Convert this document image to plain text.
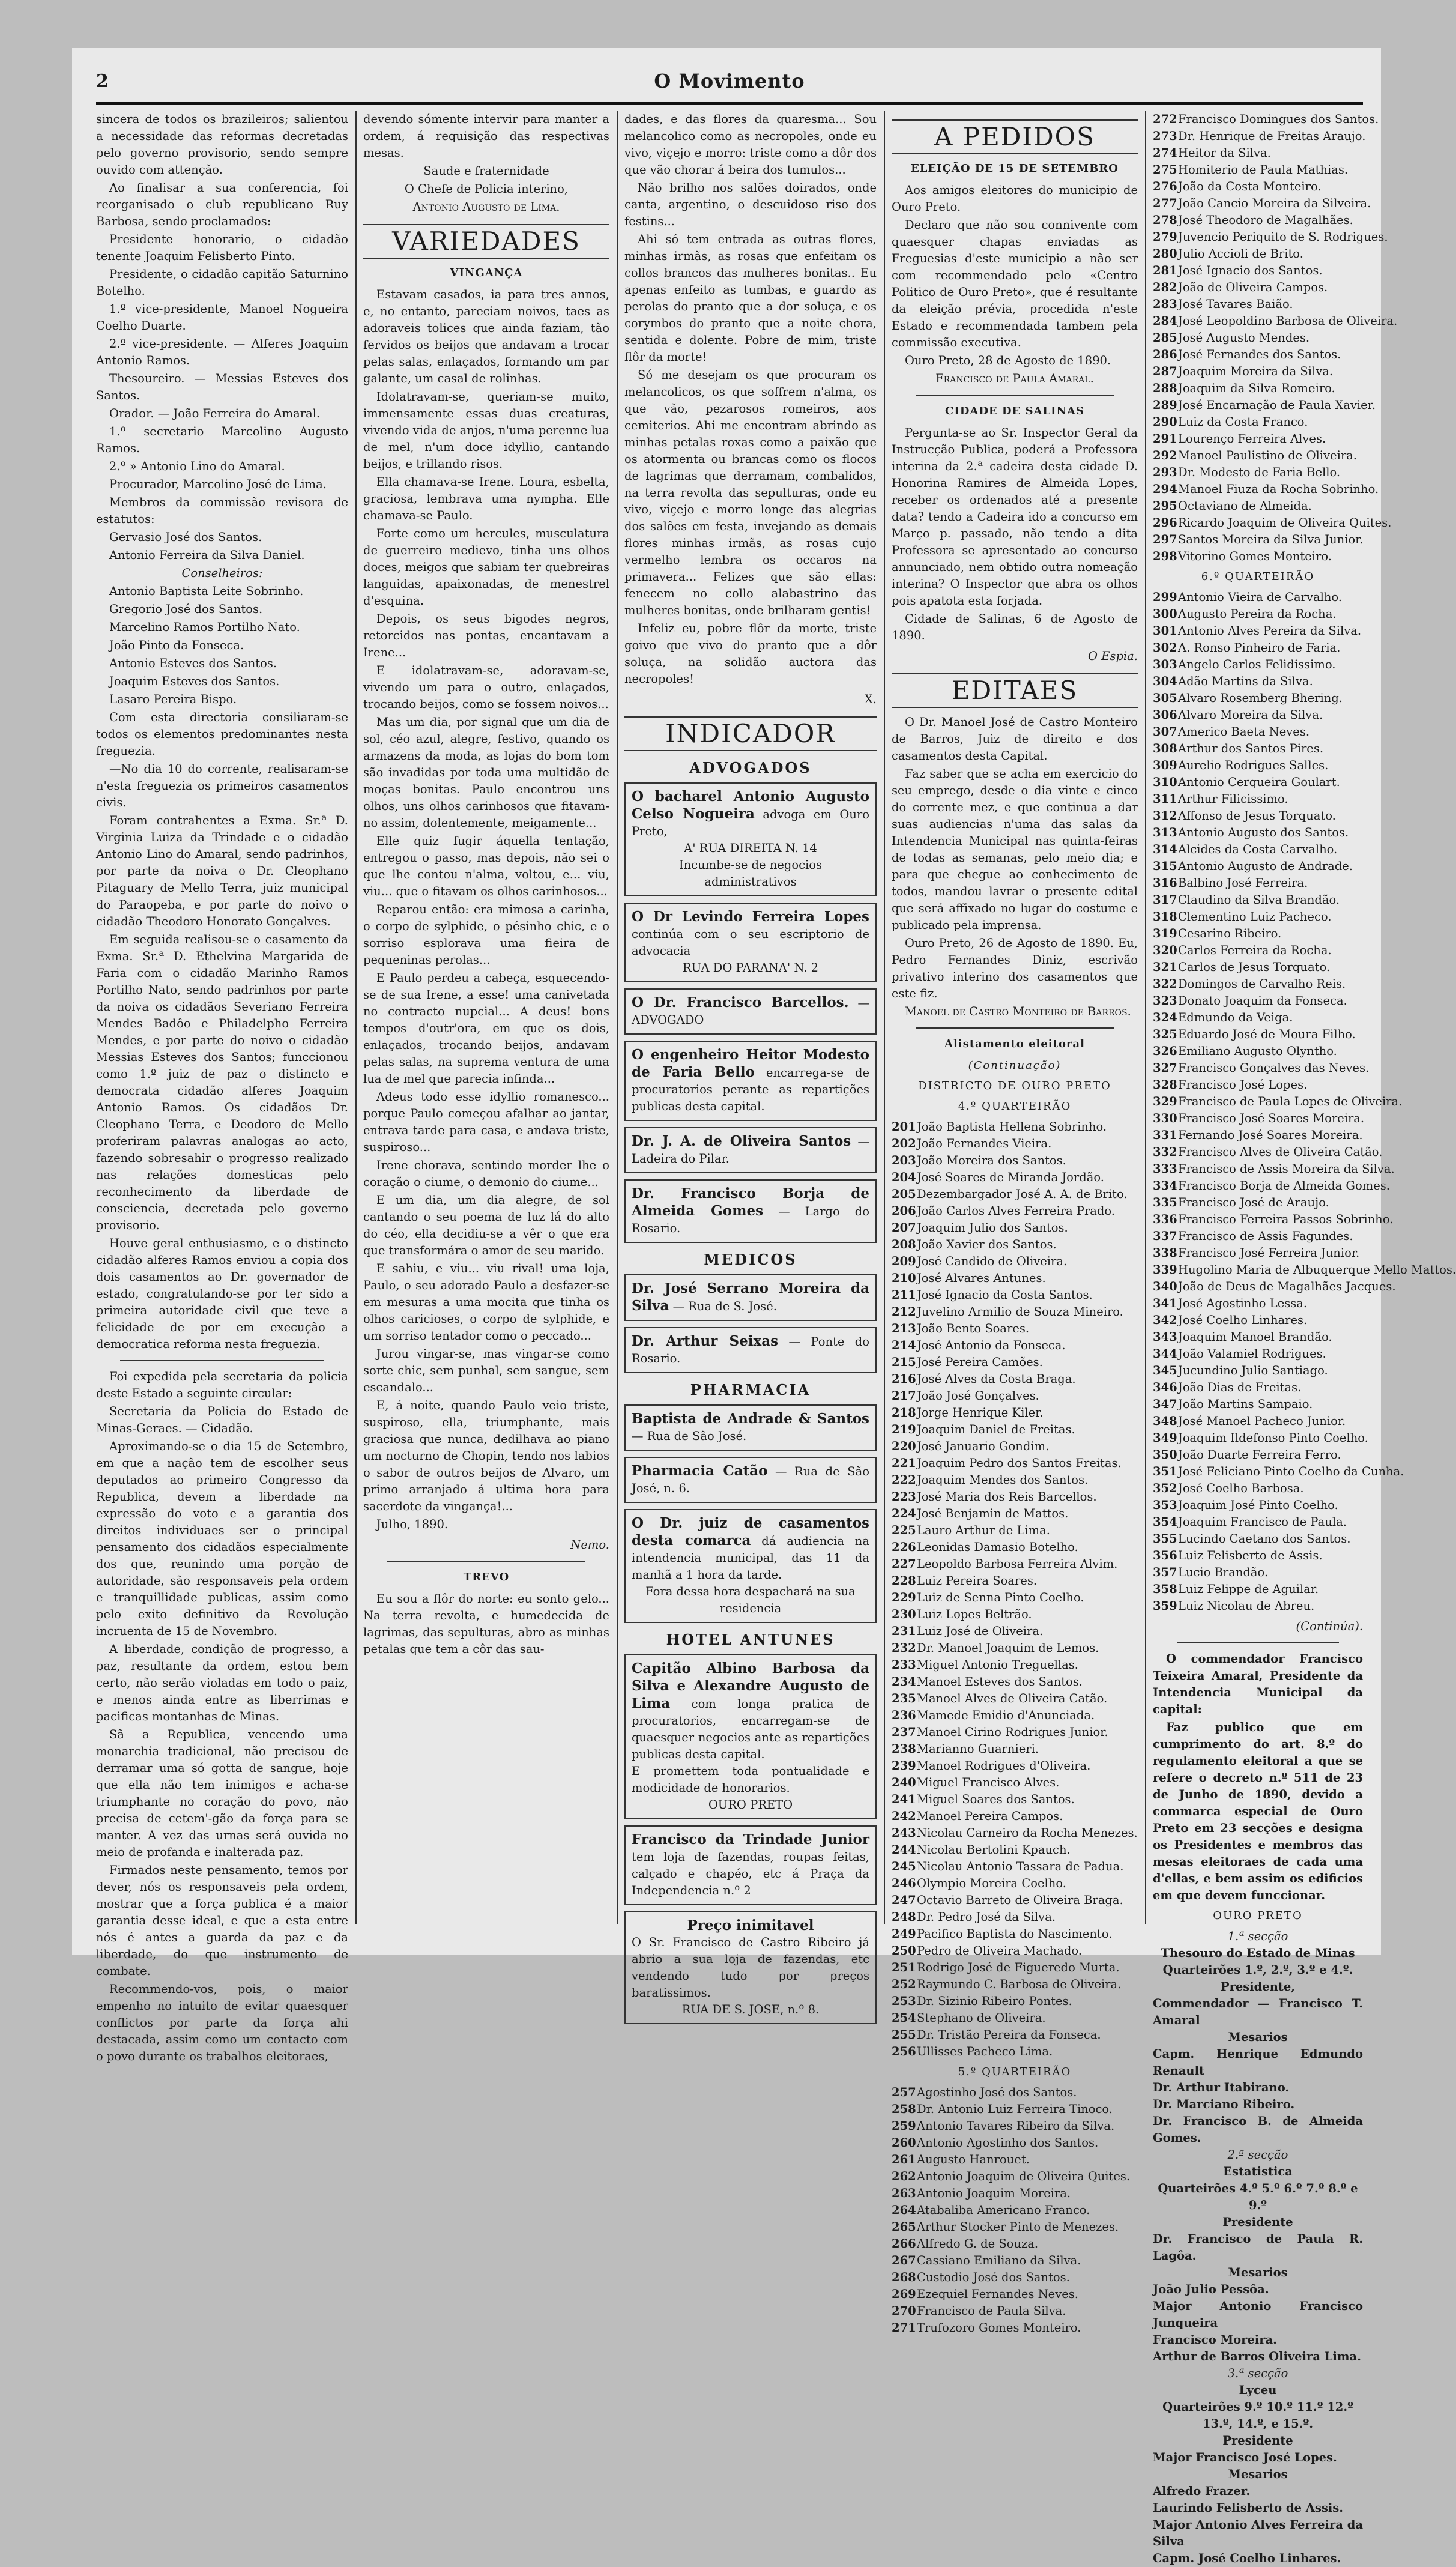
2	O Movimento

sincera de todos os brazileiros; salientou a necessidade das reformas decretadas pelo governo provisorio, sendo sempre ouvido com attenção.

Ao finalisar a sua conferencia, foi reorganisado o club republicano Ruy Barbosa, sendo proclamados:

Presidente honorario, o cidadão tenente Joaquim Felisberto Pinto.

Presidente, o cidadão capitão Saturnino Botelho.

1.º vice-presidente, Manoel Nogueira Coelho Duarte.

2.º vice-presidente. — Alferes Joaquim Antonio Ramos.

Thesoureiro. — Messias Esteves dos Santos.

Orador. — João Ferreira do Amaral.

1.º secretario Marcolino Augusto Ramos.

2.º » Antonio Lino do Amaral.

Procurador, Marcolino José de Lima.

Membros da commissão revisora de estatutos:

Gervasio José dos Santos.

Antonio Ferreira da Silva Daniel.

Conselheiros:

Antonio Baptista Leite Sobrinho.

Gregorio José dos Santos.

Marcelino Ramos Portilho Nato.

João Pinto da Fonseca.

Antonio Esteves dos Santos.

Joaquim Esteves dos Santos.

Lasaro Pereira Bispo.

Com esta directoria consiliaram-se todos os elementos predominantes nesta freguezia.

—No dia 10 do corrente, realisaram-se n'esta freguezia os primeiros casamentos civis.

Foram contrahentes a Exma. Sr.ª D. Virginia Luiza da Trindade e o cidadão Antonio Lino do Amaral, sendo padrinhos, por parte da noiva o Dr. Cleophano Pitaguary de Mello Terra, juiz municipal do Paraopeba, e por parte do noivo o cidadão Theodoro Honorato Gonçalves.

Em seguida realisou-se o casamento da Exma. Sr.ª D. Ethelvina Margarida de Faria com o cidadão Marinho Ramos Portilho Nato, sendo padrinhos por parte da noiva os cidadãos Severiano Ferreira Mendes Badôo e Philadelpho Ferreira Mendes, e por parte do noivo o cidadão Messias Esteves dos Santos; funccionou como 1.º juiz de paz o distincto e democrata cidadão alferes Joaquim Antonio Ramos. Os cidadãos Dr. Cleophano Terra, e Deodoro de Mello proferiram palavras analogas ao acto, fazendo sobresahir o progresso realizado nas relações domesticas pelo reconhecimento da liberdade de consciencia, decretada pelo governo provisorio.

Houve geral enthusiasmo, e o distincto cidadão alferes Ramos enviou a copia dos dois casamentos ao Dr. governador de estado, congratulando-se por ter sido a primeira autoridade civil que teve a felicidade de por em execução a democratica reforma nesta freguezia.

Foi expedida pela secretaria da policia deste Estado a seguinte circular:

Secretaria da Policia do Estado de Minas-Geraes. — Cidadão.

Aproximando-se o dia 15 de Setembro, em que a nação tem de escolher seus deputados ao primeiro Congresso da Republica, devem a liberdade na expressão do voto e a garantia dos direitos individuaes ser o principal pensamento dos cidadãos especialmente dos que, reunindo uma porção de autoridade, são responsaveis pela ordem e tranquillidade publicas, assim como pelo exito definitivo da Revolução incruenta de 15 de Novembro.

A liberdade, condição de progresso, a paz, resultante da ordem, estou bem certo, não serão violadas em todo o paiz, e menos ainda entre as liberrimas e pacificas montanhas de Minas.

Sã a Republica, vencendo uma monarchia tradicional, não precisou de derramar uma só gotta de sangue, hoje que ella não tem inimigos e acha-se triumphante no coração do povo, não precisa de cetem'-gão da força para se manter. A vez das urnas será ouvida no meio de profanda e inalterada paz.

Firmados neste pensamento, temos por dever, nós os responsaveis pela ordem, mostrar que a força publica é a maior garantia desse ideal, e que a esta entre nós é antes a guarda da paz e da liberdade, do que instrumento de combate.

Recommendo-vos, pois, o maior empenho no intuito de evitar quaesquer conflictos por parte da força ahi destacada, assim como um contacto com o povo durante os trabalhos eleitoraes,

devendo sómente intervir para manter a ordem, á requisição das respectivas mesas.

Saude e fraternidade

O Chefe de Policia interino,

Antonio Augusto de Lima.

VARIEDADES
VINGANÇA

Estavam casados, ia para tres annos, e, no entanto, pareciam noivos, taes as adoraveis tolices que ainda faziam, tão fervidos os beijos que andavam a trocar pelas salas, enlaçados, formando um par galante, um casal de rolinhas.

Idolatravam-se, queriam-se muito, immensamente essas duas creaturas, vivendo vida de anjos, n'uma perenne lua de mel, n'um doce idyllio, cantando beijos, e trillando risos.

Ella chamava-se Irene. Loura, esbelta, graciosa, lembrava uma nympha. Elle chamava-se Paulo.

Forte como um hercules, musculatura de guerreiro medievo, tinha uns olhos doces, meigos que sabiam ter quebreiras languidas, apaixonadas, de menestrel d'esquina.

Depois, os seus bigodes negros, retorcidos nas pontas, encantavam a Irene...

E idolatravam-se, adoravam-se, vivendo um para o outro, enlaçados, trocando beijos, como se fossem noivos...

Mas um dia, por signal que um dia de sol, céo azul, alegre, festivo, quando os armazens da moda, as lojas do bom tom são invadidas por toda uma multidão de moças bonitas. Paulo encontrou uns olhos, uns olhos carinhosos que fitavam-no assim, dolentemente, meigamente...

Elle quiz fugir áquella tentação, entregou o passo, mas depois, não sei o que lhe contou n'alma, voltou, e... viu, viu... que o fitavam os olhos carinhosos...

Reparou então: era mimosa a carinha, o corpo de sylphide, o pésinho chic, e o sorriso esplorava uma fieira de pequeninas perolas...

E Paulo perdeu a cabeça, esquecendo-se de sua Irene, a esse! uma canivetada no contracto nupcial... A deus! bons tempos d'outr'ora, em que os dois, enlaçados, trocando beijos, andavam pelas salas, na suprema ventura de uma lua de mel que parecia infinda...

Adeus todo esse idyllio romanesco... porque Paulo começou afalhar ao jantar, entrava tarde para casa, e andava triste, suspiroso...

Irene chorava, sentindo morder lhe o coração o ciume, o demonio do ciume...

E um dia, um dia alegre, de sol cantando o seu poema de luz lá do alto do céo, ella decidiu-se a vêr o que era que transformára o amor de seu marido.

E sahiu, e viu... viu rival! uma loja, Paulo, o seu adorado Paulo a desfazer-se em mesuras a uma mocita que tinha os olhos caricioses, o corpo de sylphide, e um sorriso tentador como o peccado...

Jurou vingar-se, mas vingar-se como sorte chic, sem punhal, sem sangue, sem escandalo...

E, á noite, quando Paulo veio triste, suspiroso, ella, triumphante, mais graciosa que nunca, dedilhava ao piano um nocturno de Chopin, tendo nos labios o sabor de outros beijos de Alvaro, um primo arranjado á ultima hora para sacerdote da vingança!...

Julho, 1890.

Nemo.
TREVO

Eu sou a flôr do norte: eu sonto gelo... Na terra revolta, e humedecida de lagrimas, das sepulturas, abro as minhas petalas que tem a côr das sau-

dades, e das flores da quaresma... Sou melancolico como as necropoles, onde eu vivo, viçejo e morro: triste como a dôr dos que vão chorar á beira dos tumulos...

Não brilho nos salões doirados, onde canta, argentino, o descuidoso riso dos festins...

Ahi só tem entrada as outras flores, minhas irmãs, as rosas que enfeitam os collos brancos das mulheres bonitas.. Eu apenas enfeito as tumbas, e guardo as perolas do pranto que a dor soluça, e os corymbos do pranto que a noite chora, sentida e dolente. Pobre de mim, triste flôr da morte!

Só me desejam os que procuram os melancolicos, os que soffrem n'alma, os que vão, pezarosos romeiros, aos cemiterios. Ahi me encontram abrindo as minhas petalas roxas como a paixão que os atormenta ou brancas como os flocos de lagrimas que derramam, combalidos, na terra revolta das sepulturas, onde eu vivo, viçejo e morro longe das alegrias dos salões em festa, invejando as demais flores minhas irmãs, as rosas cujo vermelho lembra os occaros na primavera... Felizes que são ellas: fenecem no collo alabastrino das mulheres bonitas, onde brilharam gentis!

Infeliz eu, pobre flôr da morte, triste goivo que vivo do pranto que a dôr soluça, na solidão auctora das necropoles!

X.
INDICADOR
ADVOGADOS
O bacharel Antonio Augusto Celso Nogueira advoga em Ouro Preto,
A' RUA DIREITA N. 14
Incumbe-se de negocios administrativos
O Dr Levindo Ferreira Lopes continúa com o seu escriptorio de advocacia
RUA DO PARANA' N. 2
O Dr. Francisco Barcellos. — ADVOGADO
O engenheiro Heitor Modesto de Faria Bello encarrega-se de procuratorios perante as repartições publicas desta capital.
Dr. J. A. de Oliveira Santos — Ladeira do Pilar.
Dr. Francisco Borja de Almeida Gomes — Largo do Rosario.
MEDICOS
Dr. José Serrano Moreira da Silva — Rua de S. José.
Dr. Arthur Seixas — Ponte do Rosario.
PHARMACIA
Baptista de Andrade & Santos — Rua de São José.
Pharmacia Catão — Rua de São José, n. 6.
O Dr. juiz de casamentos desta comarca dá audiencia na intendencia municipal, das 11 da manhã a 1 hora da tarde.
Fora dessa hora despachará na sua residencia
HOTEL ANTUNES
Capitão Albino Barbosa da Silva e Alexandre Augusto de Lima com longa pratica de procuratorios, encarregam-se de quaesquer negocios ante as repartições publicas desta capital.
E promettem toda pontualidade e modicidade de honorarios.
OURO PRETO
Francisco da Trindade Junior tem loja de fazendas, roupas feitas, calçado e chapéo, etc á Praça da Independencia n.º 2
Preço inimitavel
O Sr. Francisco de Castro Ribeiro já abrio a sua loja de fazendas, etc vendendo tudo por preços baratissimos.
RUA DE S. JOSE, n.º 8.
A PEDIDOS
ELEIÇÃO DE 15 DE SETEMBRO

Aos amigos eleitores do municipio de Ouro Preto.

Declaro que não sou connivente com quaesquer chapas enviadas as Freguesias d'este municipio a não ser com recommendado pelo «Centro Politico de Ouro Preto», que é resultante da eleição prévia, procedida n'este Estado e recommendada tambem pela commissão executiva.

Ouro Preto, 28 de Agosto de 1890.

Francisco de Paula Amaral.

CIDADE DE SALINAS

Pergunta-se ao Sr. Inspector Geral da Instrucção Publica, poderá a Professora interina da 2.ª cadeira desta cidade D. Honorina Ramires de Almeida Lopes, receber os ordenados até a presente data? tendo a Cadeira ido a concurso em Março p. passado, não tendo a dita Professora se apresentado ao concurso annunciado, nem obtido outra nomeação interina? O Inspector que abra os olhos pois apatota esta forjada.

Cidade de Salinas, 6 de Agosto de 1890.

O Espia.
EDITAES

O Dr. Manoel José de Castro Monteiro de Barros, Juiz de direito e dos casamentos desta Capital.

Faz saber que se acha em exercicio do seu emprego, desde o dia vinte e cinco do corrente mez, e que continua a dar suas audiencias n'uma das salas da Intendencia Municipal nas quinta-feiras de todas as semanas, pelo meio dia; e para que chegue ao conhecimento de todos, mandou lavrar o presente edital que será affixado no lugar do costume e publicado pela imprensa.

Ouro Preto, 26 de Agosto de 1890. Eu, Pedro Fernandes Diniz, escrivão privativo interino dos casamentos que este fiz.

Manoel de Castro Monteiro de Barros.

Alistamento eleitoral
(Continuação)
DISTRICTO DE OURO PRETO
4.º QUARTEIRÃO
201João Baptista Hellena Sobrinho.
202João Fernandes Vieira.
203João Moreira dos Santos.
204José Soares de Miranda Jordão.
205Dezembargador José A. A. de Brito.
206João Carlos Alves Ferreira Prado.
207Joaquim Julio dos Santos.
208João Xavier dos Santos.
209José Candido de Oliveira.
210José Alvares Antunes.
211José Ignacio da Costa Santos.
212Juvelino Armilio de Souza Mineiro.
213João Bento Soares.
214José Antonio da Fonseca.
215José Pereira Camões.
216José Alves da Costa Braga.
217João José Gonçalves.
218Jorge Henrique Kiler.
219Joaquim Daniel de Freitas.
220José Januario Gondim.
221Joaquim Pedro dos Santos Freitas.
222Joaquim Mendes dos Santos.
223José Maria dos Reis Barcellos.
224José Benjamin de Mattos.
225Lauro Arthur de Lima.
226Leonidas Damasio Botelho.
227Leopoldo Barbosa Ferreira Alvim.
228Luiz Pereira Soares.
229Luiz de Senna Pinto Coelho.
230Luiz Lopes Beltrão.
231Luiz José de Oliveira.
232Dr. Manoel Joaquim de Lemos.
233Miguel Antonio Treguellas.
234Manoel Esteves dos Santos.
235Manoel Alves de Oliveira Catão.
236Mamede Emidio d'Anunciada.
237Manoel Cirino Rodrigues Junior.
238Marianno Guarnieri.
239Manoel Rodrigues d'Oliveira.
240Miguel Francisco Alves.
241Miguel Soares dos Santos.
242Manoel Pereira Campos.
243Nicolau Carneiro da Rocha Menezes.
244Nicolau Bertolini Kpauch.
245Nicolau Antonio Tassara de Padua.
246Olympio Moreira Coelho.
247Octavio Barreto de Oliveira Braga.
248Dr. Pedro José da Silva.
249Pacifico Baptista do Nascimento.
250Pedro de Oliveira Machado.
251Rodrigo José de Figueredo Murta.
252Raymundo C. Barbosa de Oliveira.
253Dr. Sizinio Ribeiro Pontes.
254Stephano de Oliveira.
255Dr. Tristão Pereira da Fonseca.
256Ullisses Pacheco Lima.
5.º QUARTEIRÃO
257Agostinho José dos Santos.
258Dr. Antonio Luiz Ferreira Tinoco.
259Antonio Tavares Ribeiro da Silva.
260Antonio Agostinho dos Santos.
261Augusto Hanrouet.
262Antonio Joaquim de Oliveira Quites.
263Antonio Joaquim Moreira.
264Atabaliba Americano Franco.
265Arthur Stocker Pinto de Menezes.
266Alfredo G. de Souza.
267Cassiano Emiliano da Silva.
268Custodio José dos Santos.
269Ezequiel Fernandes Neves.
270Francisco de Paula Silva.
271Trufozoro Gomes Monteiro.
272Francisco Domingues dos Santos.
273Dr. Henrique de Freitas Araujo.
274Heitor da Silva.
275Homiterio de Paula Mathias.
276João da Costa Monteiro.
277João Cancio Moreira da Silveira.
278José Theodoro de Magalhães.
279Juvencio Periquito de S. Rodrigues.
280Julio Accioli de Brito.
281José Ignacio dos Santos.
282João de Oliveira Campos.
283José Tavares Baião.
284José Leopoldino Barbosa de Oliveira.
285José Augusto Mendes.
286José Fernandes dos Santos.
287Joaquim Moreira da Silva.
288Joaquim da Silva Romeiro.
289José Encarnação de Paula Xavier.
290Luiz da Costa Franco.
291Lourenço Ferreira Alves.
292Manoel Paulistino de Oliveira.
293Dr. Modesto de Faria Bello.
294Manoel Fiuza da Rocha Sobrinho.
295Octaviano de Almeida.
296Ricardo Joaquim de Oliveira Quites.
297Santos Moreira da Silva Junior.
298Vitorino Gomes Monteiro.
6.º QUARTEIRÃO
299Antonio Vieira de Carvalho.
300Augusto Pereira da Rocha.
301Antonio Alves Pereira da Silva.
302A. Ronso Pinheiro de Faria.
303Angelo Carlos Felidissimo.
304Adão Martins da Silva.
305Alvaro Rosemberg Bhering.
306Alvaro Moreira da Silva.
307Americo Baeta Neves.
308Arthur dos Santos Pires.
309Aurelio Rodrigues Salles.
310Antonio Cerqueira Goulart.
311Arthur Filicissimo.
312Affonso de Jesus Torquato.
313Antonio Augusto dos Santos.
314Alcides da Costa Carvalho.
315Antonio Augusto de Andrade.
316Balbino José Ferreira.
317Claudino da Silva Brandão.
318Clementino Luiz Pacheco.
319Cesarino Ribeiro.
320Carlos Ferreira da Rocha.
321Carlos de Jesus Torquato.
322Domingos de Carvalho Reis.
323Donato Joaquim da Fonseca.
324Edmundo da Veiga.
325Eduardo José de Moura Filho.
326Emiliano Augusto Olyntho.
327Francisco Gonçalves das Neves.
328Francisco José Lopes.
329Francisco de Paula Lopes de Oliveira.
330Francisco José Soares Moreira.
331Fernando José Soares Moreira.
332Francisco Alves de Oliveira Catão.
333Francisco de Assis Moreira da Silva.
334Francisco Borja de Almeida Gomes.
335Francisco José de Araujo.
336Francisco Ferreira Passos Sobrinho.
337Francisco de Assis Fagundes.
338Francisco José Ferreira Junior.
339Hugolino Maria de Albuquerque Mello Mattos.
340João de Deus de Magalhães Jacques.
341José Agostinho Lessa.
342José Coelho Linhares.
343Joaquim Manoel Brandão.
344João Valamiel Rodrigues.
345Jucundino Julio Santiago.
346João Dias de Freitas.
347João Martins Sampaio.
348José Manoel Pacheco Junior.
349Joaquim Ildefonso Pinto Coelho.
350João Duarte Ferreira Ferro.
351José Feliciano Pinto Coelho da Cunha.
352José Coelho Barbosa.
353Joaquim José Pinto Coelho.
354Joaquim Francisco de Paula.
355Lucindo Caetano dos Santos.
356Luiz Felisberto de Assis.
357Lucio Brandão.
358Luiz Felippe de Aguilar.
359Luiz Nicolau de Abreu.
(Continúa).

O commendador Francisco Teixeira Amaral, Presidente da Intendencia Municipal da capital:

Faz publico que em cumprimento do art. 8.º do regulamento eleitoral a que se refere o decreto n.º 511 de 23 de Junho de 1890, devido a commarca especial de Ouro Preto em 23 secções e designa os Presidentes e membros das mesas eleitoraes de cada uma d'ellas, e bem assim os edificios em que devem funccionar.

OURO PRETO
1.ª secção
Thesouro do Estado de Minas Quarteirões 1.º, 2.º, 3.º e 4.º.
Presidente,
Commendador — Francisco T. Amaral
Mesarios
Capm. Henrique Edmundo Renault
Dr. Arthur Itabirano.
Dr. Marciano Ribeiro.
Dr. Francisco B. de Almeida Gomes.
2.ª secção
Estatistica
Quarteirões 4.º 5.º 6.º 7.º 8.º e 9.º
Presidente
Dr. Francisco de Paula R. Lagôa.
Mesarios
João Julio Pessôa.
Major Antonio Francisco Junqueira
Francisco Moreira.
Arthur de Barros Oliveira Lima.
3.ª secção
Lyceu
Quarteirões 9.º 10.º 11.º 12.º 13.º, 14.º, e 15.º.
Presidente
Major Francisco José Lopes.
Mesarios
Alfredo Frazer.
Laurindo Felisberto de Assis.
Major Antonio Alves Ferreira da Silva
Capm. José Coelho Linhares.
